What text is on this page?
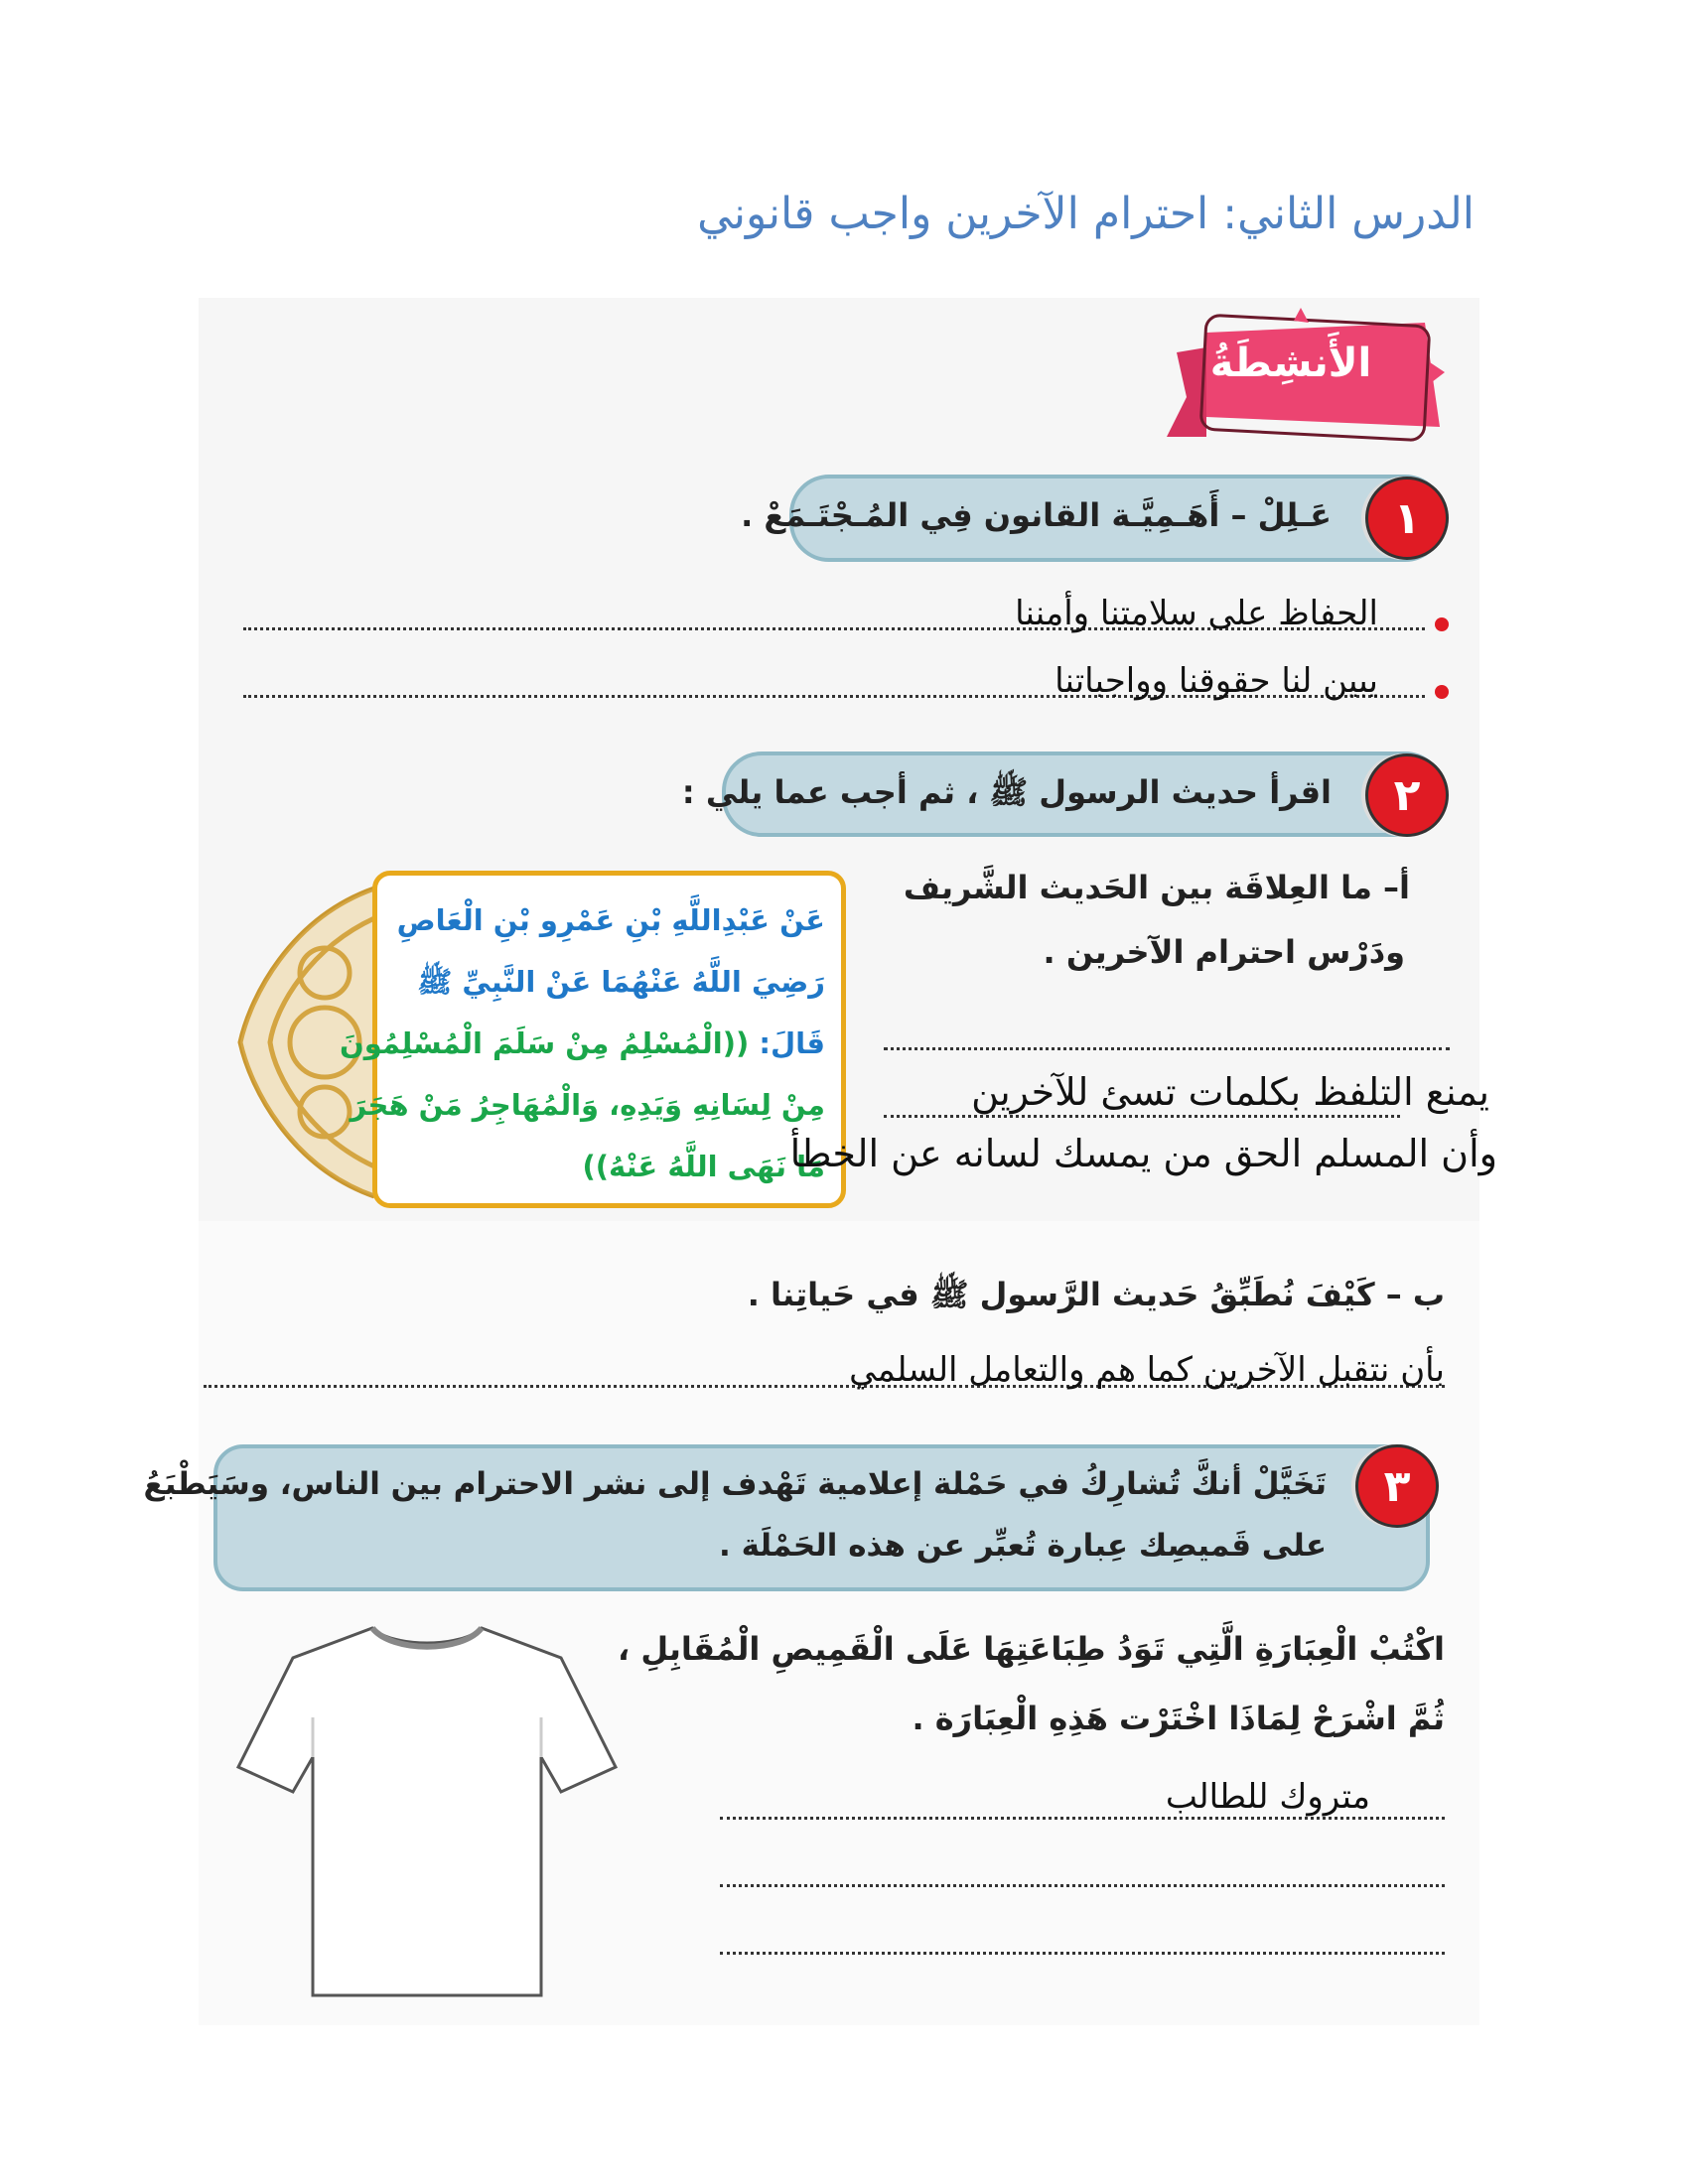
الدرس الثاني: احترام الآخرين واجب قانوني
الأَنشِطَةُ
عَـلِلْ – أَهَـمِيَّـة القانون فِي المُـجْتَـمَعْ .	١
الحفاظ على سلامتنا وأمننا
يبين لنا حقوقنا وواجباتنا
اقرأ حديث الرسول ﷺ ، ثم أجب عما يلي :	٢
عَنْ عَبْدِاللَّهِ بْنِ عَمْرِو بْنِ الْعَاصِ
رَضِيَ اللَّهُ عَنْهُمَا عَنْ النَّبِيِّ ﷺ
قَالَ: ((الْمُسْلِمُ مِنْ سَلَمَ الْمُسْلِمُونَ
مِنْ لِسَانِهِ وَيَدِهِ، وَالْمُهَاجِرُ مَنْ هَجَرَ
مَا نَهَى اللَّهُ عَنْهُ))
أ– ما العِلاقَة بين الحَديث الشَّريف
ودَرْس احترام الآخرين .
يمنع التلفظ بكلمات تسئ للآخرين
وأن المسلم الحق من يمسك لسانه عن الخطأ
ب – كَيْفَ نُطَبِّقُ حَديث الرَّسول ﷺ في حَياتِنا .
بأن نتقبل الآخرين كما هم والتعامل السلمي
تَخَيَّلْ أنكَّ تُشارِكُ في حَمْلة إعلامية تَهْدف إلى نشر الاحترام بين الناس، وسَيَطْبَعُ
على قَميصِك عِبارة تُعبِّر عن هذه الحَمْلَة .
٣
اكْتُبْ الْعِبَارَةِ الَّتِي تَوَدُ طِبَاعَتِهَا عَلَى الْقَمِيصِ الْمُقَابِلِ ،
ثُمَّ اشْرَحْ لِمَاذَا اخْتَرْت هَذِهِ الْعِبَارَة .
متروك للطالب
